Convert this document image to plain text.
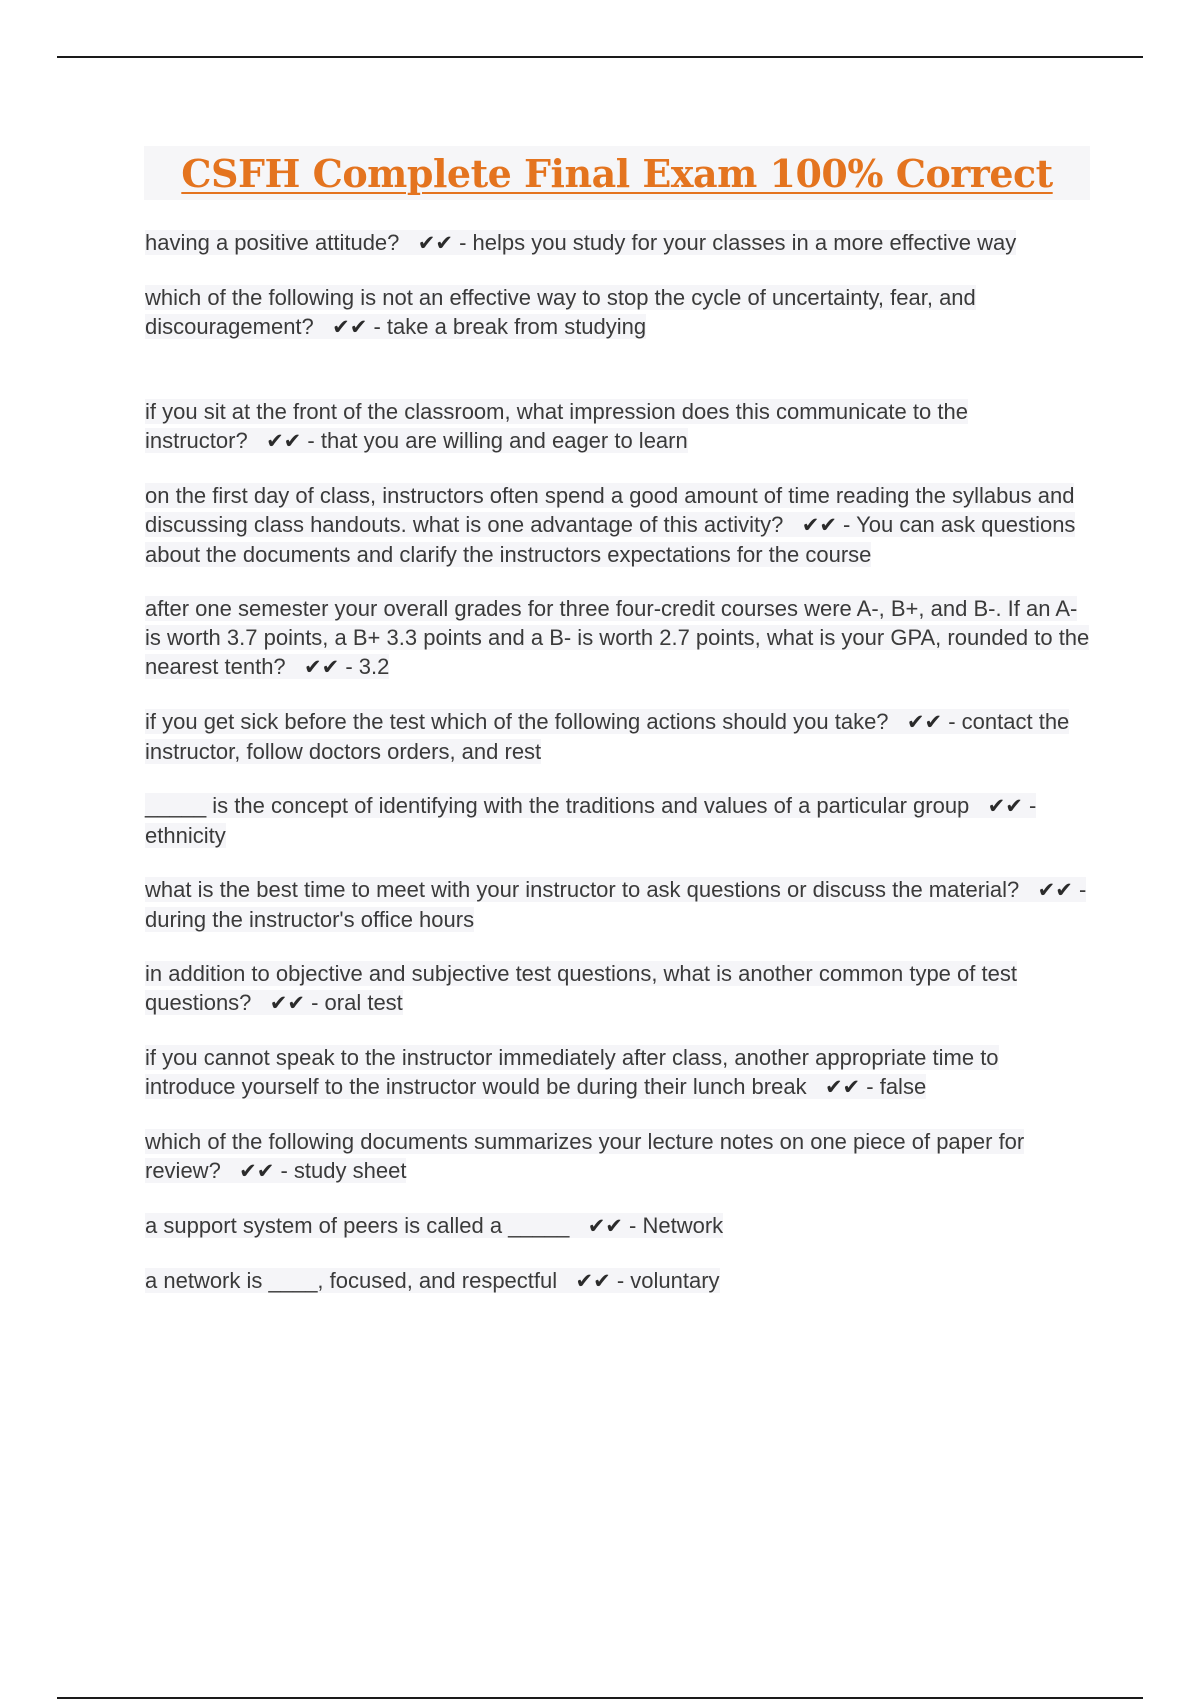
CSFH Complete Final Exam 100% Correct

having a positive attitude? ✔✔ - helps you study for your classes in a more effective way

which of the following is not an effective way to stop the cycle of uncertainty, fear, and discouragement? ✔✔ - take a break from studying

if you sit at the front of the classroom, what impression does this communicate to the instructor? ✔✔ - that you are willing and eager to learn

on the first day of class, instructors often spend a good amount of time reading the syllabus and discussing class handouts. what is one advantage of this activity? ✔✔ - You can ask questions about the documents and clarify the instructors expectations for the course

after one semester your overall grades for three four-credit courses were A-, B+, and B-. If an A- is worth 3.7 points, a B+ 3.3 points and a B- is worth 2.7 points, what is your GPA, rounded to the nearest tenth? ✔✔ - 3.2

if you get sick before the test which of the following actions should you take? ✔✔ - contact the instructor, follow doctors orders, and rest

_____ is the concept of identifying with the traditions and values of a particular group ✔✔ - ethnicity

what is the best time to meet with your instructor to ask questions or discuss the material? ✔✔ - during the instructor's office hours

in addition to objective and subjective test questions, what is another common type of test questions? ✔✔ - oral test

if you cannot speak to the instructor immediately after class, another appropriate time to introduce yourself to the instructor would be during their lunch break ✔✔ - false

which of the following documents summarizes your lecture notes on one piece of paper for review? ✔✔ - study sheet

a support system of peers is called a _____ ✔✔ - Network

a network is ____, focused, and respectful ✔✔ - voluntary
